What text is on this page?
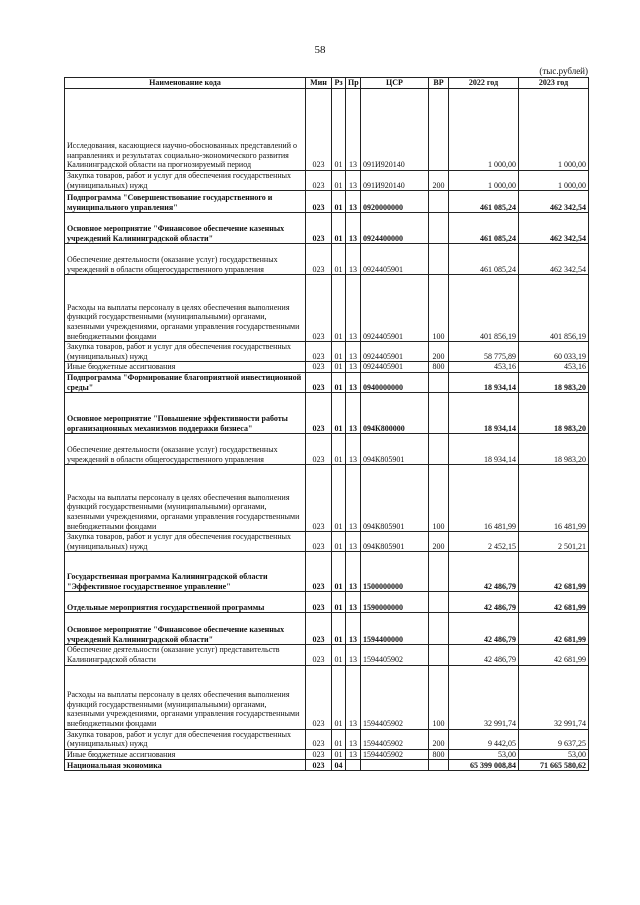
58
(тыс.рублей)
Наименование кода	Мин	Рз	Пр	ЦСР	ВР	2022 год	2023 год
Исследования, касающиеся научно-обоснованных представлений о направлениях и результатах социально-экономического развития Калининградской области на прогнозируемый период	023	01	13	091И920140		1 000,00	1 000,00
Закупка товаров, работ и услуг для обеспечения государственных (муниципальных) нужд	023	01	13	091И920140	200	1 000,00	1 000,00
Подпрограмма "Совершенствование государственного и муниципального управления"	023	01	13	0920000000		461 085,24	462 342,54
Основное мероприятие "Финансовое обеспечение казенных учреждений Калининградской области"	023	01	13	0924400000		461 085,24	462 342,54
Обеспечение деятельности (оказание услуг) государственных учреждений в области общегосударственного управления	023	01	13	0924405901		461 085,24	462 342,54
Расходы на выплаты персоналу в целях обеспечения выполнения функций государственными (муниципальными) органами, казенными учреждениями, органами управления государственными внебюджетными фондами	023	01	13	0924405901	100	401 856,19	401 856,19
Закупка товаров, работ и услуг для обеспечения государственных (муниципальных) нужд	023	01	13	0924405901	200	58 775,89	60 033,19
Иные бюджетные ассигнования	023	01	13	0924405901	800	453,16	453,16
Подпрограмма "Формирование благоприятной инвестиционной среды"	023	01	13	0940000000		18 934,14	18 983,20
Основное мероприятие "Повышение эффективности работы организационных механизмов поддержки бизнеса"	023	01	13	094К800000		18 934,14	18 983,20
Обеспечение деятельности (оказание услуг) государственных учреждений в области общегосударственного управления	023	01	13	094К805901		18 934,14	18 983,20
Расходы на выплаты персоналу в целях обеспечения выполнения функций государственными (муниципальными) органами, казенными учреждениями, органами управления государственными внебюджетными фондами	023	01	13	094К805901	100	16 481,99	16 481,99
Закупка товаров, работ и услуг для обеспечения государственных (муниципальных) нужд	023	01	13	094К805901	200	2 452,15	2 501,21
Государственная программа Калининградской области "Эффективное государственное управление"	023	01	13	1500000000		42 486,79	42 681,99
Отдельные мероприятия государственной программы	023	01	13	1590000000		42 486,79	42 681,99
Основное мероприятие "Финансовое обеспечение казенных учреждений Калининградской области"	023	01	13	1594400000		42 486,79	42 681,99
Обеспечение деятельности (оказание услуг) представительств Калининградской области	023	01	13	1594405902		42 486,79	42 681,99
Расходы на выплаты персоналу в целях обеспечения выполнения функций государственными (муниципальными) органами, казенными учреждениями, органами управления государственными внебюджетными фондами	023	01	13	1594405902	100	32 991,74	32 991,74
Закупка товаров, работ и услуг для обеспечения государственных (муниципальных) нужд	023	01	13	1594405902	200	9 442,05	9 637,25
Иные бюджетные ассигнования	023	01	13	1594405902	800	53,00	53,00
Национальная экономика	023	04				65 399 008,84	71 665 580,62
